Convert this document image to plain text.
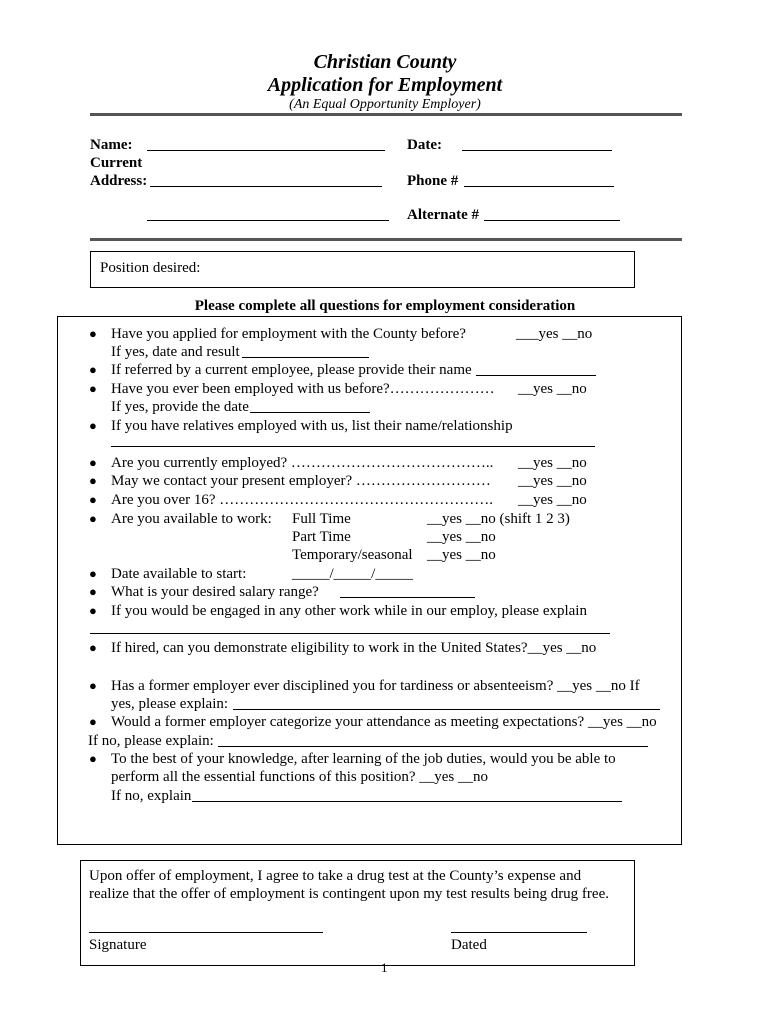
Christian County
Application for Employment
(An Equal Opportunity Employer)
Name:	Date:
Current
Address:	Phone #
Alternate #
Position desired:
Please complete all questions for employment consideration
● Have you applied for employment with the County before?	___yes __no
If yes, date and result
● If referred by a current employee, please provide their name
● Have you ever been employed with us before?………………… __yes __no
If yes, provide the date
● If you have relatives employed with us, list their name/relationship
● Are you currently employed? ………………………………….. __yes __no
● May we contact your present employer? ……………………… __yes __no
● Are you over 16? ………………………………………………. __yes __no
● Are you available to work: Full Time	__yes __no (shift 1 2 3)
Part Time	__yes __no
Temporary/seasonal __yes __no
● Date available to start:	_____/_____/_____
● What is your desired salary range?
● If you would be engaged in any other work while in our employ, please explain
● If hired, can you demonstrate eligibility to work in the United States?__yes __no
● Has a former employer ever disciplined you for tardiness or absenteeism? __yes __no If
yes, please explain:
● Would a former employer categorize your attendance as meeting expectations? __yes __no
If no, please explain:
● To the best of your knowledge, after learning of the job duties, would you be able to
perform all the essential functions of this position? __yes __no
If no, explain
Upon offer of employment, I agree to take a drug test at the County’s expense and
realize that the offer of employment is contingent upon my test results being drug free.
Signature	Dated
1
